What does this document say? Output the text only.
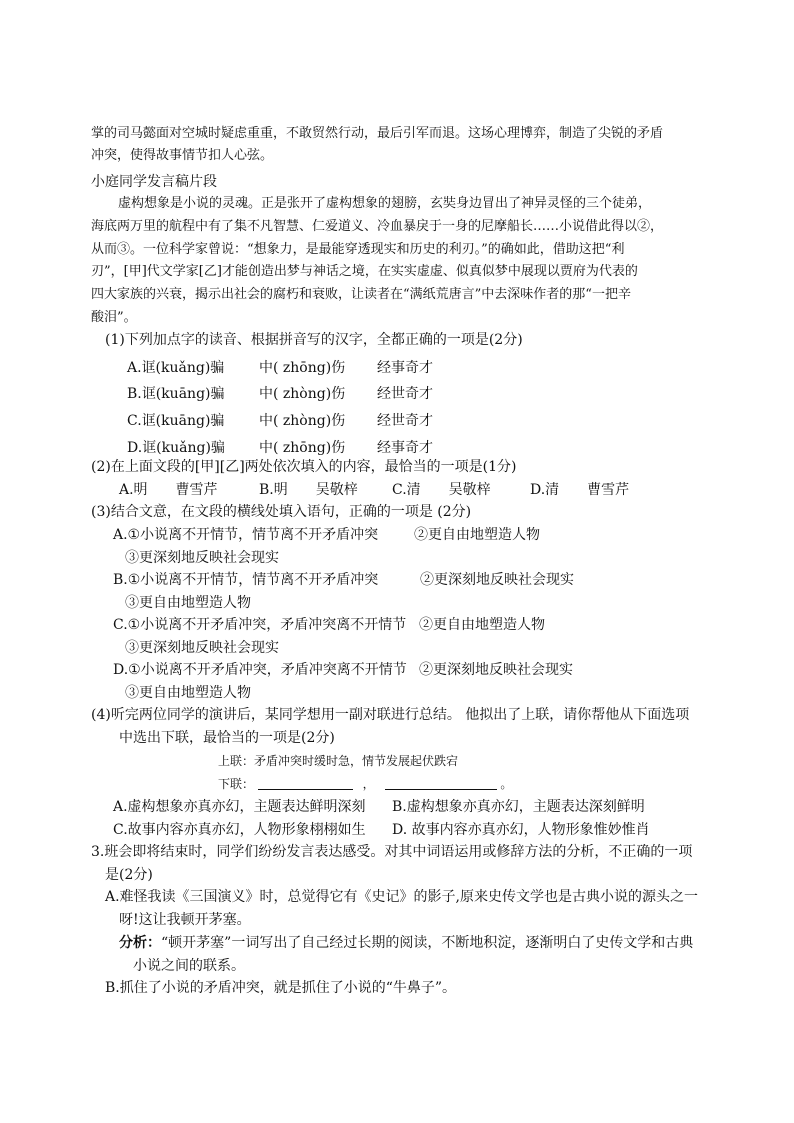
掌的司马懿面对空城时疑虑重重，不敢贸然行动，最后引军而退。这场心理博弈，制造了尖锐的矛盾
冲突，使得故事情节扣人心弦。
小庭同学发言稿片段
虚构想象是小说的灵魂。正是张开了虚构想象的翅膀，玄奘身边冒出了神异灵怪的三个徒弟，
海底两万里的航程中有了集不凡智慧、仁爱道义、冷血暴戾于一身的尼摩船长……小说借此得以②，
从而③。一位科学家曾说：“想象力，是最能穿透现实和历史的利刃。”的确如此，借助这把“利
刃”，[甲]代文学家[乙]才能创造出梦与神话之境，在实实虚虚、似真似梦中展现以贾府为代表的
四大家族的兴衰，揭示出社会的腐朽和衰败，让读者在“满纸荒唐言”中去深味作者的那“一把辛
酸泪”。
(1)下列加点字的读音、根据拼音写的汉字，全都正确的一项是(2分)
A.诓(kuǎng)骗 中( zhōng)伤 经事奇才
B.诓(kuāng)骗 中( zhòng)伤 经世奇才
C.诓(kuāng)骗 中( zhòng)伤 经世奇才
D.诓(kuǎng)骗 中( zhōng)伤 经事奇才
(2)在上面文段的[甲][乙]两处依次填入的内容，最恰当的一项是(1分)
A.明　　曹雪芹	B.明　　吴敬梓 C.清　　吴敬梓	D.清　　曹雪芹
(3)结合文意，在文段的横线处填入语句，正确的一项是 (2分)
A.①小说离不开情节，情节离不开矛盾冲突	②更自由地塑造人物
③更深刻地反映社会现实
B.①小说离不开情节，情节离不开矛盾冲突	②更深刻地反映社会现实
③更自由地塑造人物
C.①小说离不开矛盾冲突，矛盾冲突离不开情节 ②更自由地塑造人物
③更深刻地反映社会现实
D.①小说离不开矛盾冲突，矛盾冲突离不开情节 ②更深刻地反映社会现实
③更自由地塑造人物
(4)听完两位同学的演讲后，某同学想用一副对联进行总结。 他拟出了上联，请你帮他从下面选项
中选出下联，最恰当的一项是(2分)
上联：矛盾冲突时缓时急，情节发展起伏跌宕
下联：	，	。
A.虚构想象亦真亦幻，主题表达鲜明深刻 B.虚构想象亦真亦幻，主题表达深刻鲜明
C.故事内容亦真亦幻，人物形象栩栩如生 D. 故事内容亦真亦幻，人物形象惟妙惟肖
3.班会即将结束时，同学们纷纷发言表达感受。对其中词语运用或修辞方法的分析，不正确的一项
是(2分)
A.难怪我读《三国演义》时，总觉得它有《史记》的影子,原来史传文学也是古典小说的源头之一
呀!这让我顿开茅塞。
分析：“顿开茅塞”一词写出了自己经过长期的阅读，不断地积淀，逐渐明白了史传文学和古典
小说之间的联系。
B.抓住了小说的矛盾冲突，就是抓住了小说的“牛鼻子”。
